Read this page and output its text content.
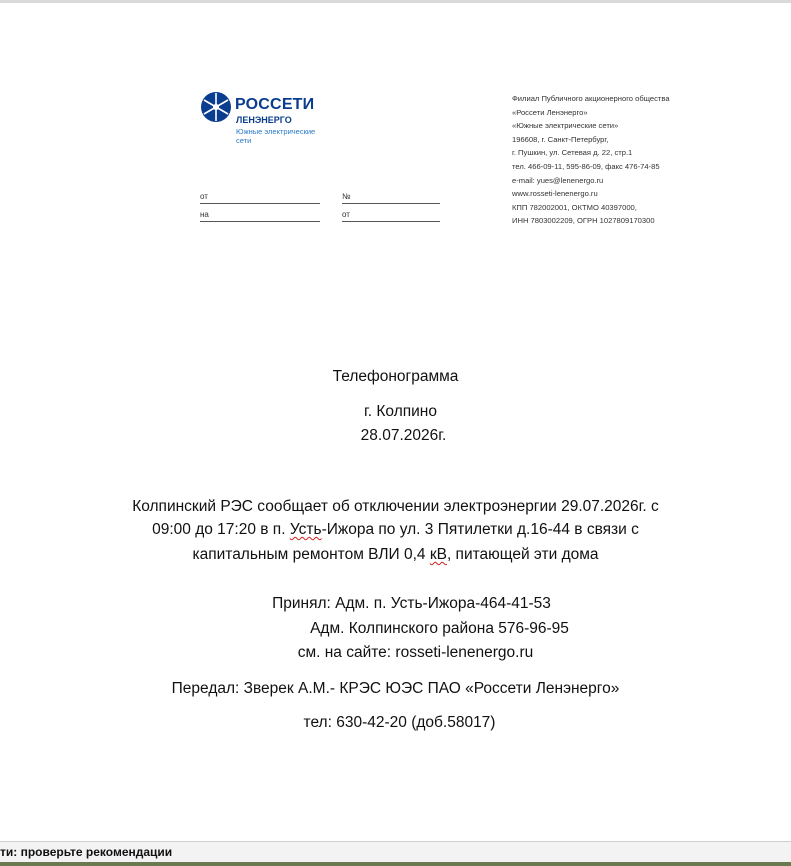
РОССЕТИ
ЛЕНЭНЕРГО
Южные электрические сети
от
на
№
от
Филиал Публичного акционерного общества
«Россети Ленэнерго»
«Южные электрические сети»
196608, г. Санкт-Петербург,
г. Пушкин, ул. Сетевая д. 22, стр.1
тел. 466-09-11, 595-86-09, факс 476-74-85
e-mail: yues@lenenergo.ru
www.rosseti-lenenergo.ru
КПП 782002001, ОКТМО 40397000,
ИНН 7803002209, ОГРН 1027809170300
Телефонограмма
г. Колпино
28.07.2026г.
Колпинский РЭС сообщает об отключении электроэнергии 29.07.2026г. с
09:00 до 17:20 в п. Усть-Ижора по ул. 3 Пятилетки д.16-44 в связи с
капитальным ремонтом ВЛИ 0,4 кВ, питающей эти дома
Принял: Адм. п. Усть-Ижора-464-41-53
Адм. Колпинского района 576-96-95
см. на сайте: rosseti-lenenergo.ru
Передал: Зверек А.М.- КРЭС ЮЭС ПАО «Россети Ленэнерго»
тел: 630-42-20 (доб.58017)
ти: проверьте рекомендации
